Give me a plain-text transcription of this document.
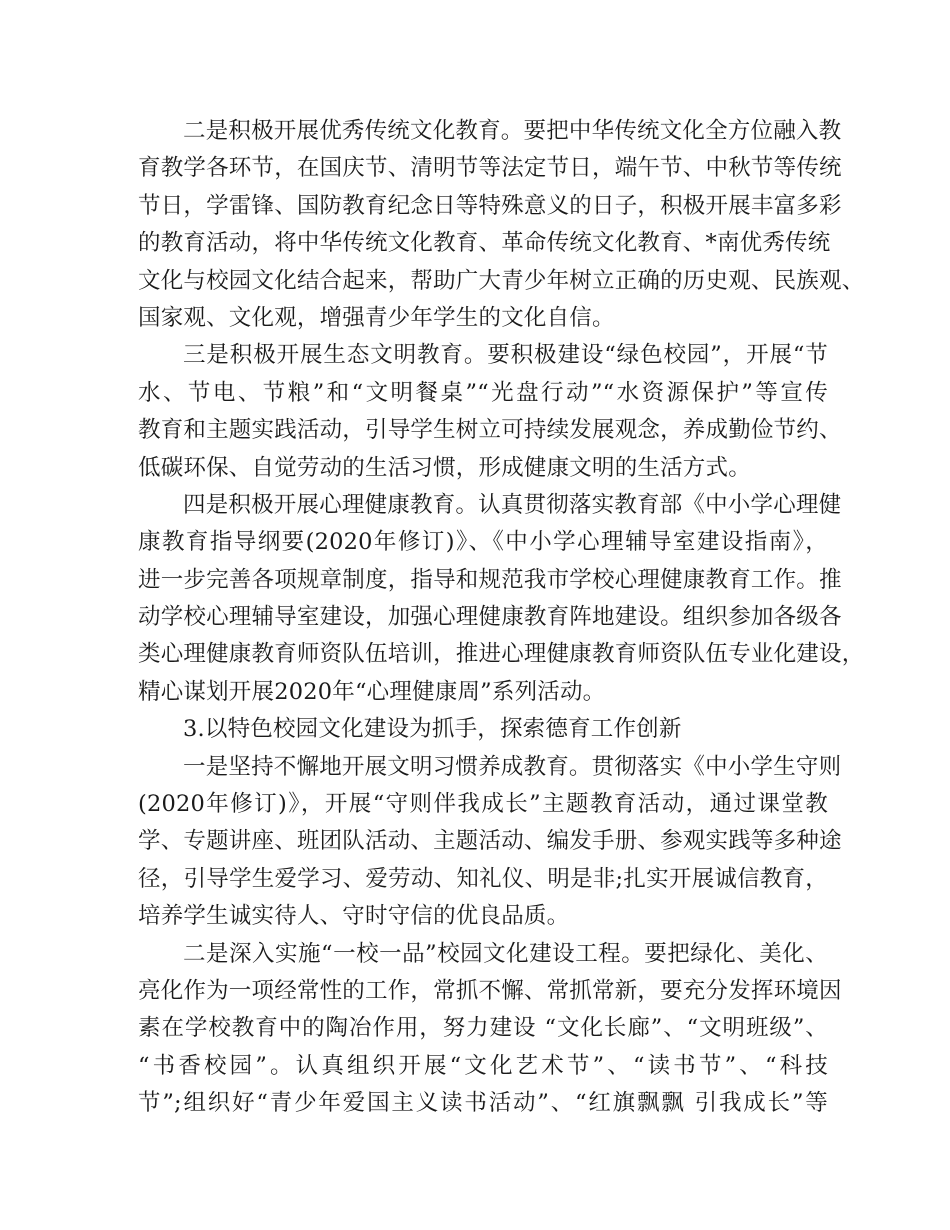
二是积极开展优秀传统文化教育。要把中华传统文化全方位融入教
育教学各环节，在国庆节、清明节等法定节日，端午节、中秋节等传统
节日，学雷锋、国防教育纪念日等特殊意义的日子，积极开展丰富多彩
的教育活动，将中华传统文化教育、革命传统文化教育、*南优秀传统
文化与校园文化结合起来，帮助广大青少年树立正确的历史观、民族观、
国家观、文化观，增强青少年学生的文化自信。
三是积极开展生态文明教育。要积极建设“绿色校园”，开展“节
水、节电、节粮”和“文明餐桌”“光盘行动”“水资源保护”等宣传
教育和主题实践活动，引导学生树立可持续发展观念，养成勤俭节约、
低碳环保、自觉劳动的生活习惯，形成健康文明的生活方式。
四是积极开展心理健康教育。认真贯彻落实教育部《中小学心理健
康教育指导纲要(2020年修订)》、《中小学心理辅导室建设指南》，
进一步完善各项规章制度，指导和规范我市学校心理健康教育工作。推
动学校心理辅导室建设，加强心理健康教育阵地建设。组织参加各级各
类心理健康教育师资队伍培训，推进心理健康教育师资队伍专业化建设，
精心谋划开展2020年“心理健康周”系列活动。
3.以特色校园文化建设为抓手，探索德育工作创新
一是坚持不懈地开展文明习惯养成教育。贯彻落实《中小学生守则
(2020年修订)》，开展“守则伴我成长”主题教育活动，通过课堂教
学、专题讲座、班团队活动、主题活动、编发手册、参观实践等多种途
径，引导学生爱学习、爱劳动、知礼仪、明是非;扎实开展诚信教育，
培养学生诚实待人、守时守信的优良品质。
二是深入实施“一校一品”校园文化建设工程。要把绿化、美化、
亮化作为一项经常性的工作，常抓不懈、常抓常新，要充分发挥环境因
素在学校教育中的陶冶作用，努力建设 “文化长廊”、“文明班级”、
“书香校园”。认真组织开展“文化艺术节”、“读书节”、“科技
节”;组织好“青少年爱国主义读书活动”、“红旗飘飘 引我成长”等
